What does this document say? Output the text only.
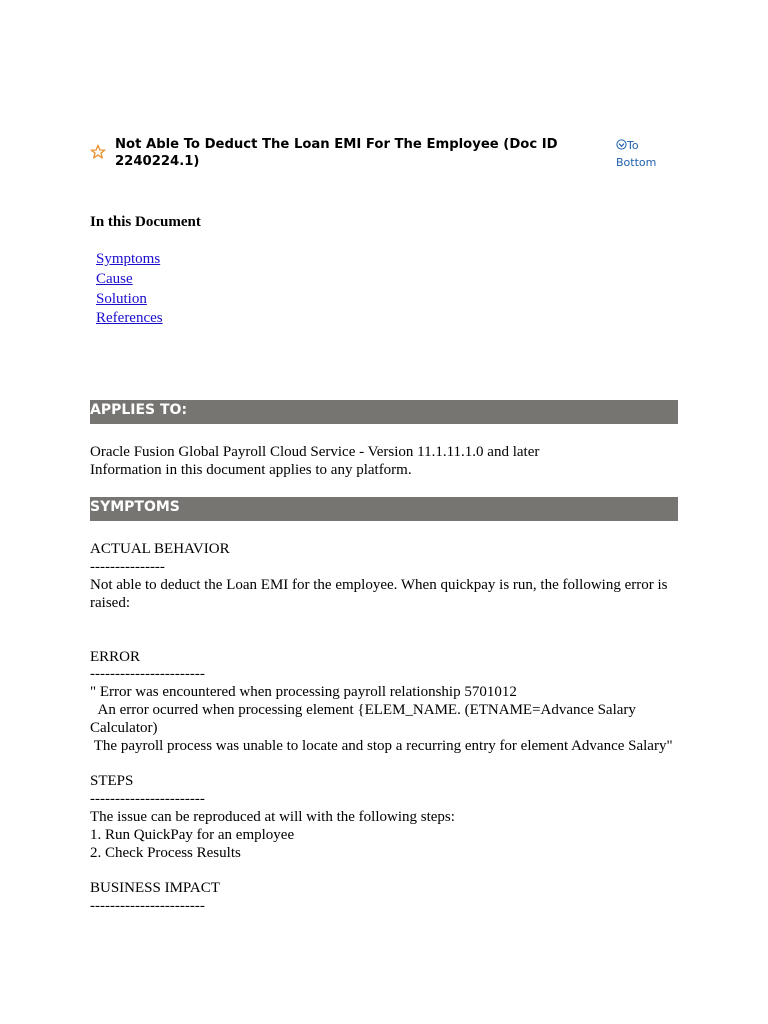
Not Able To Deduct The Loan EMI For The Employee (Doc ID 2240224.1)
To Bottom
In this Document
Symptoms
Cause
Solution
References
APPLIES TO:
Oracle Fusion Global Payroll Cloud Service - Version 11.1.11.1.0 and later
Information in this document applies to any platform.
SYMPTOMS
ACTUAL BEHAVIOR
---------------
Not able to deduct the Loan EMI for the employee. When quickpay is run, the following error is raised:
ERROR
-----------------------
" Error was encountered when processing payroll relationship 5701012
An error ocurred when processing element {ELEM_NAME. (ETNAME=Advance Salary Calculator)
The payroll process was unable to locate and stop a recurring entry for element Advance Salary"
STEPS
-----------------------
The issue can be reproduced at will with the following steps:
1. Run QuickPay for an employee
2. Check Process Results
BUSINESS IMPACT
-----------------------
